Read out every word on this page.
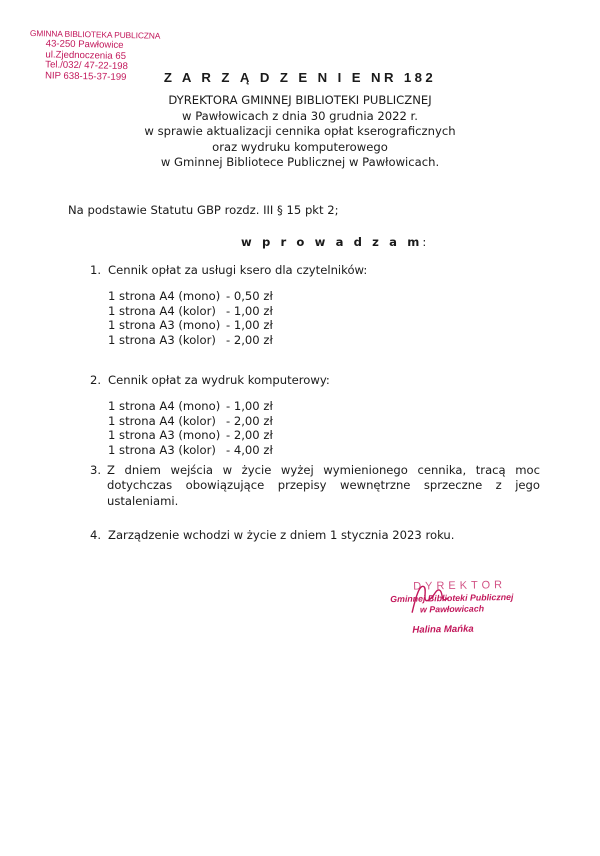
GMINNA BIBLIOTEKA PUBLICZNA
43-250 Pawłowice
ul.Zjednoczenia 65
Tel./032/ 47-22-198
NIP 638-15-37-199	Z A R Z Ą D Z E N I E NR 182
DYREKTORA GMINNEJ BIBLIOTEKI PUBLICZNEJ
w Pawłowicach z dnia 30 grudnia 2022 r.
w sprawie aktualizacji cennika opłat kserograficznych
oraz wydruku komputerowego
w Gminnej Bibliotece Publicznej w Pawłowicach.
Na podstawie Statutu GBP rozdz. III § 15 pkt 2;
w p r o w a d z a m:
1. Cennik opłat za usługi ksero dla czytelników:
1 strona A4 (mono) - 0,50 zł
1 strona A4 (kolor) - 1,00 zł
1 strona A3 (mono) - 1,00 zł
1 strona A3 (kolor) - 2,00 zł
2. Cennik opłat za wydruk komputerowy:
1 strona A4 (mono) - 1,00 zł
1 strona A4 (kolor) - 2,00 zł
1 strona A3 (mono) - 2,00 zł
1 strona A3 (kolor) - 4,00 zł
3. Z dniem wejścia w życie wyżej wymienionego cennika, tracą moc dotychczas obowiązujące przepisy wewnętrzne sprzeczne z jego ustaleniami.
4. Zarządzenie wchodzi w życie z dniem 1 stycznia 2023 roku.
DYREKTOR
Gminnej Biblioteki Publicznej
w Pawłowicach
Halina Mańka
